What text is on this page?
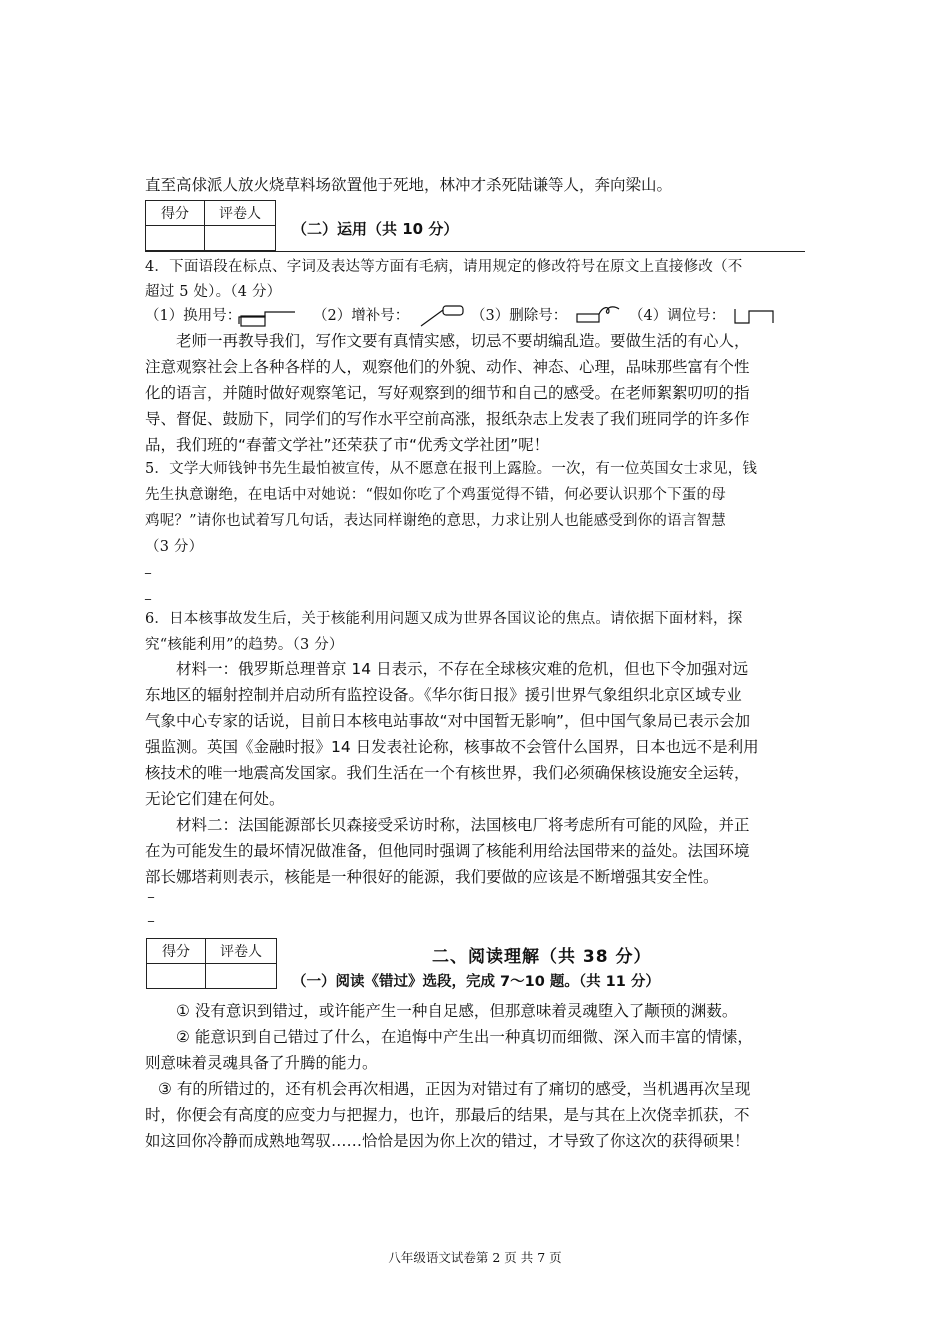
直至高俅派人放火烧草料场欲置他于死地，林冲才杀死陆谦等人，奔向梁山。
得分	评卷人

（二）运用（共 10 分）
4．下面语段在标点、字词及表达等方面有毛病，请用规定的修改符号在原文上直接修改（不
超过 5 处）。（4 分）
（1）换用号：	（2）增补号：	（3）删除号：	（4）调位号：
老师一再教导我们，写作文要有真情实感，切忌不要胡编乱造。要做生活的有心人，
注意观察社会上各种各样的人，观察他们的外貌、动作、神态、心理，品味那些富有个性
化的语言，并随时做好观察笔记，写好观察到的细节和自己的感受。在老师絮絮叨叨的指
导、督促、鼓励下，同学们的写作水平空前高涨，报纸杂志上发表了我们班同学的许多作
品，我们班的“春蕾文学社”还荣获了市“优秀文学社团”呢！
5．文学大师钱钟书先生最怕被宣传，从不愿意在报刊上露脸。一次，有一位英国女士求见，钱
先生执意谢绝，在电话中对她说：“假如你吃了个鸡蛋觉得不错，何必要认识那个下蛋的母
鸡呢？”请你也试着写几句话，表达同样谢绝的意思，力求让别人也能感受到你的语言智慧
（3 分）
_
_
6．日本核事故发生后，关于核能利用问题又成为世界各国议论的焦点。请依据下面材料，探
究“核能利用”的趋势。（3 分）
材料一：俄罗斯总理普京 14 日表示，不存在全球核灾难的危机，但也下令加强对远
东地区的辐射控制并启动所有监控设备。《华尔街日报》援引世界气象组织北京区域专业
气象中心专家的话说，目前日本核电站事故“对中国暂无影响”，但中国气象局已表示会加
强监测。英国《金融时报》14 日发表社论称，核事故不会管什么国界，日本也远不是利用
核技术的唯一地震高发国家。我们生活在一个有核世界，我们必须确保核设施安全运转，
无论它们建在何处。
材料二：法国能源部长贝森接受采访时称，法国核电厂将考虑所有可能的风险，并正
在为可能发生的最坏情况做准备，但他同时强调了核能利用给法国带来的益处。法国环境
部长娜塔莉则表示，核能是一种很好的能源，我们要做的应该是不断增强其安全性。
_
_
得分	评卷人
		二、阅读理解（共 38 分）
（一）阅读《错过》选段，完成 7～10 题。（共 11 分）
① 没有意识到错过，或许能产生一种自足感，但那意味着灵魂堕入了颟顸的渊薮。
② 能意识到自己错过了什么，在追悔中产生出一种真切而细微、深入而丰富的情愫，
则意味着灵魂具备了升腾的能力。
③ 有的所错过的，还有机会再次相遇，正因为对错过有了痛切的感受，当机遇再次呈现
时，你便会有高度的应变力与把握力，也许，那最后的结果，是与其在上次侥幸抓获，不
如这回你冷静而成熟地驾驭……恰恰是因为你上次的错过，才导致了你这次的获得硕果！
八年级语文试卷第 2 页 共 7 页
